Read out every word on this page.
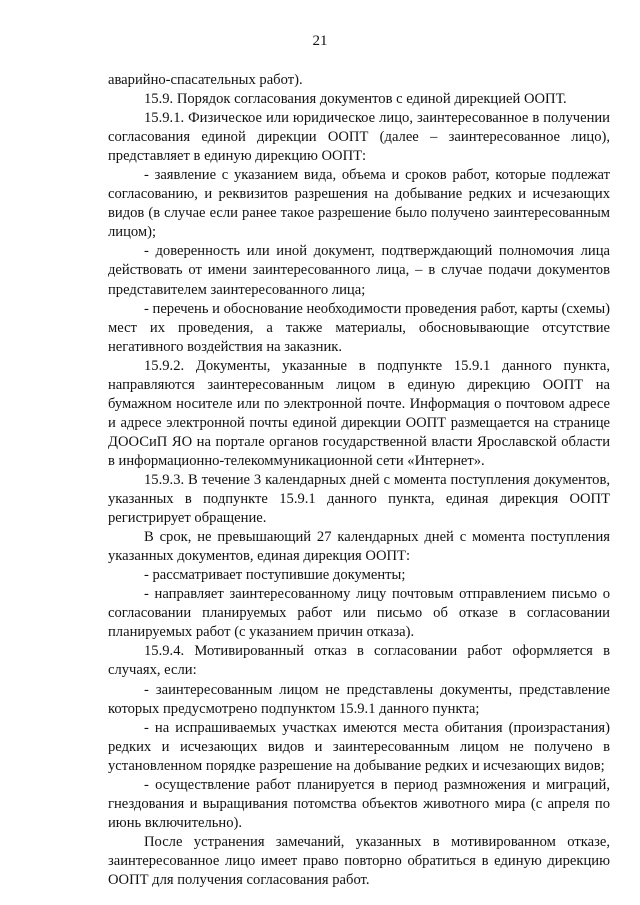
21

аварийно-спасательных работ).

15.9. Порядок согласования документов с единой дирекцией ООПТ.

15.9.1. Физическое или юридическое лицо, заинтересованное в получении согласования единой дирекции ООПТ (далее – заинтересованное лицо), представляет в единую дирекцию ООПТ:

- заявление с указанием вида, объема и сроков работ, которые подлежат согласованию, и реквизитов разрешения на добывание редких и исчезающих видов (в случае если ранее такое разрешение было получено заинтересованным лицом);

- доверенность или иной документ, подтверждающий полномочия лица действовать от имени заинтересованного лица, – в случае подачи документов представителем заинтересованного лица;

- перечень и обоснование необходимости проведения работ, карты (схемы) мест их проведения, а также материалы, обосновывающие отсутствие негативного воздействия на заказник.

15.9.2. Документы, указанные в подпункте 15.9.1 данного пункта, направляются заинтересованным лицом в единую дирекцию ООПТ на бумажном носителе или по электронной почте. Информация о почтовом адресе и адресе электронной почты единой дирекции ООПТ размещается на странице ДООСиП ЯО на портале органов государственной власти Ярославской области в информационно-телекоммуникационной сети «Интернет».

15.9.3. В течение 3 календарных дней с момента поступления документов, указанных в подпункте 15.9.1 данного пункта, единая дирекция ООПТ регистрирует обращение.

В срок, не превышающий 27 календарных дней с момента поступления указанных документов, единая дирекция ООПТ:

- рассматривает поступившие документы;

- направляет заинтересованному лицу почтовым отправлением письмо о согласовании планируемых работ или письмо об отказе в согласовании планируемых работ (с указанием причин отказа).

15.9.4. Мотивированный отказ в согласовании работ оформляется в случаях, если:

- заинтересованным лицом не представлены документы, представление которых предусмотрено подпунктом 15.9.1 данного пункта;

- на испрашиваемых участках имеются места обитания (произрастания) редких и исчезающих видов и заинтересованным лицом не получено в установленном порядке разрешение на добывание редких и исчезающих видов;

- осуществление работ планируется в период размножения и миграций, гнездования и выращивания потомства объектов животного мира (с апреля по июнь включительно).

После устранения замечаний, указанных в мотивированном отказе, заинтересованное лицо имеет право повторно обратиться в единую дирекцию ООПТ для получения согласования работ.
